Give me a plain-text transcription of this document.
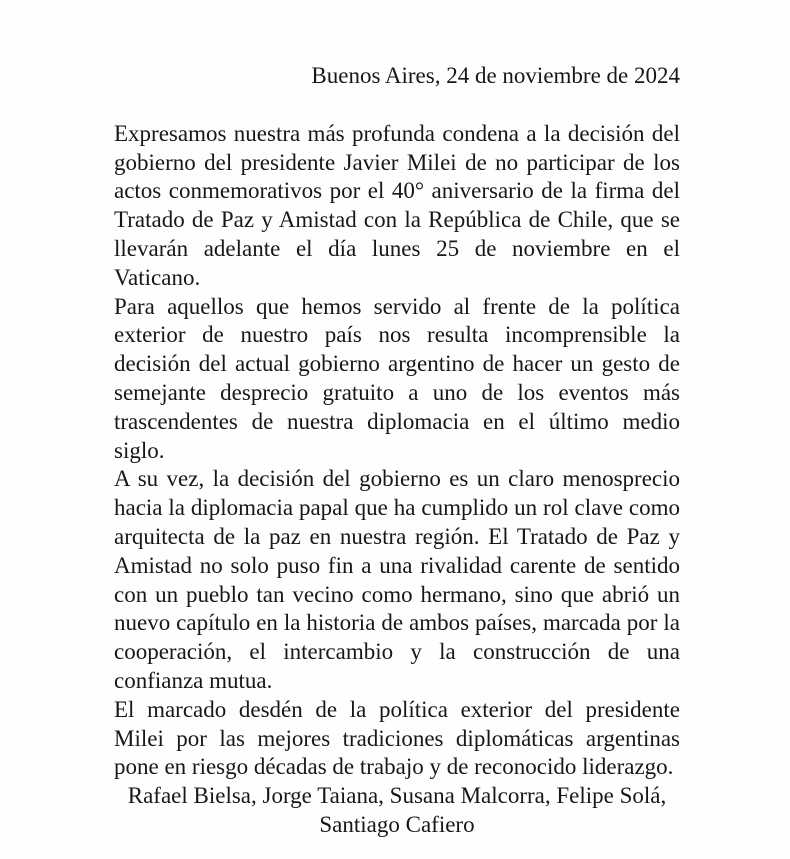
Buenos Aires, 24 de noviembre de 2024

Expresamos nuestra más profunda condena a la decisión del gobierno del presidente Javier Milei de no participar de los actos conmemorativos por el 40° aniversario de la firma del Tratado de Paz y Amistad con la República de Chile, que se llevarán adelante el día lunes 25 de noviembre en el Vaticano.

Para aquellos que hemos servido al frente de la política exterior de nuestro país nos resulta incomprensible la decisión del actual gobierno argentino de hacer un gesto de semejante desprecio gratuito a uno de los eventos más trascendentes de nuestra diplomacia en el último medio siglo.

A su vez, la decisión del gobierno es un claro menosprecio hacia la diplomacia papal que ha cumplido un rol clave como arquitecta de la paz en nuestra región. El Tratado de Paz y Amistad no solo puso fin a una rivalidad carente de sentido con un pueblo tan vecino como hermano, sino que abrió un nuevo capítulo en la historia de ambos países, marcada por la cooperación, el intercambio y la construcción de una confianza mutua.

El marcado desdén de la política exterior del presidente Milei por las mejores tradiciones diplomáticas argentinas pone en riesgo décadas de trabajo y de reconocido liderazgo.

Rafael Bielsa, Jorge Taiana, Susana Malcorra, Felipe Solá,
Santiago Cafiero
